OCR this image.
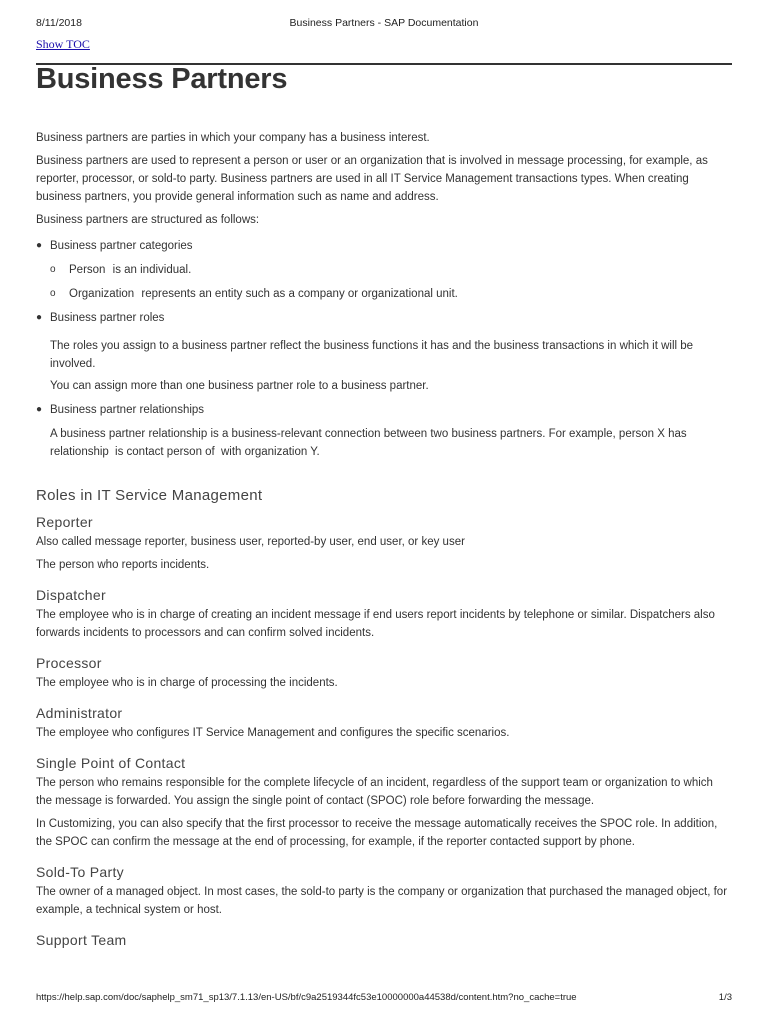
8/11/2018	Business Partners - SAP Documentation
Show TOC
Business Partners

Business partners are parties in which your company has a business interest.

Business partners are used to represent a person or user or an organization that is involved in message processing, for example, as reporter, processor, or sold-to party. Business partners are used in all IT Service Management transactions types. When creating business partners, you provide general information such as name and address.

Business partners are structured as follows:

● Business partner categories
o Person is an individual.
o Organization represents an entity such as a company or organizational unit.
● Business partner roles

The roles you assign to a business partner reflect the business functions it has and the business transactions in which it will be involved.

You can assign more than one business partner role to a business partner.

● Business partner relationships

A business partner relationship is a business-relevant connection between two business partners. For example, person X has relationship is contact person of with organization Y.

Roles in IT Service Management
Reporter

Also called message reporter, business user, reported-by user, end user, or key user

The person who reports incidents.

Dispatcher

The employee who is in charge of creating an incident message if end users report incidents by telephone or similar. Dispatchers also forwards incidents to processors and can confirm solved incidents.

Processor

The employee who is in charge of processing the incidents.

Administrator

The employee who configures IT Service Management and configures the specific scenarios.

Single Point of Contact

The person who remains responsible for the complete lifecycle of an incident, regardless of the support team or organization to which the message is forwarded. You assign the single point of contact (SPOC) role before forwarding the message.

In Customizing, you can also specify that the first processor to receive the message automatically receives the SPOC role. In addition, the SPOC can confirm the message at the end of processing, for example, if the reporter contacted support by phone.

Sold-To Party

The owner of a managed object. In most cases, the sold-to party is the company or organization that purchased the managed object, for example, a technical system or host.

Support Team
https://help.sap.com/doc/saphelp_sm71_sp13/7.1.13/en-US/bf/c9a2519344fc53e10000000a44538d/content.htm?no_cache=true	1/3
